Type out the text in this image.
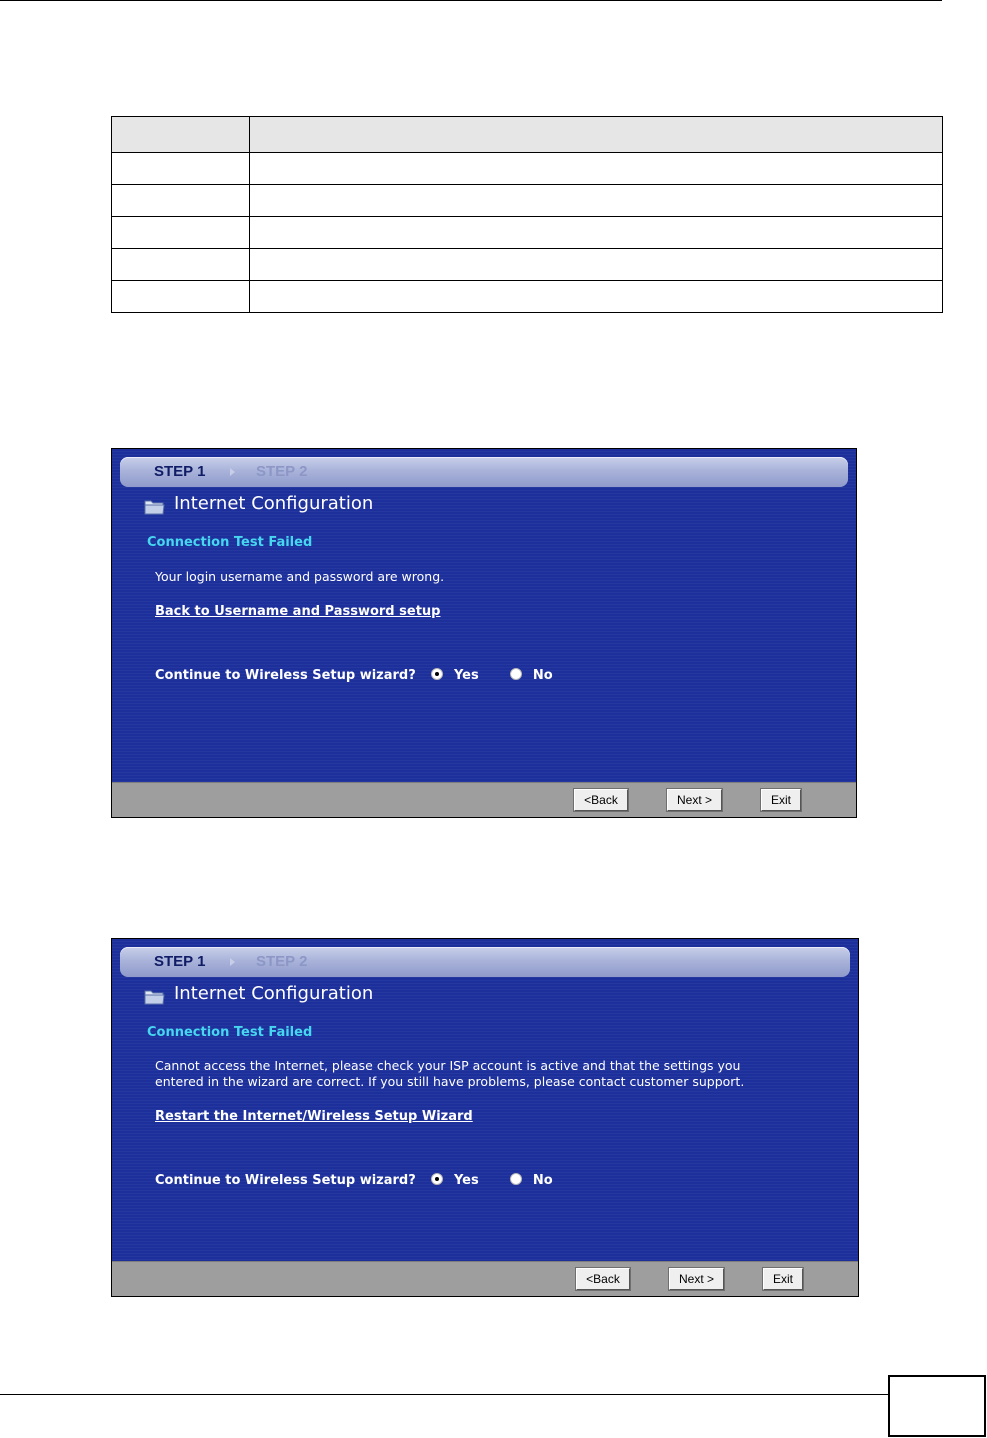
STEP 1	STEP 2
Internet Configuration
Connection Test Failed
Your login username and password are wrong.
Back to Username and Password setup
Continue to Wireless Setup wizard?	Yes	No
<Back	Next >	Exit
STEP 1	STEP 2
Internet Configuration
Connection Test Failed
Cannot access the Internet, please check your ISP account is active and that the settings you
entered in the wizard are correct. If you still have problems, please contact customer support.
Restart the Internet/Wireless Setup Wizard
Continue to Wireless Setup wizard?	Yes	No
<Back	Next >	Exit
